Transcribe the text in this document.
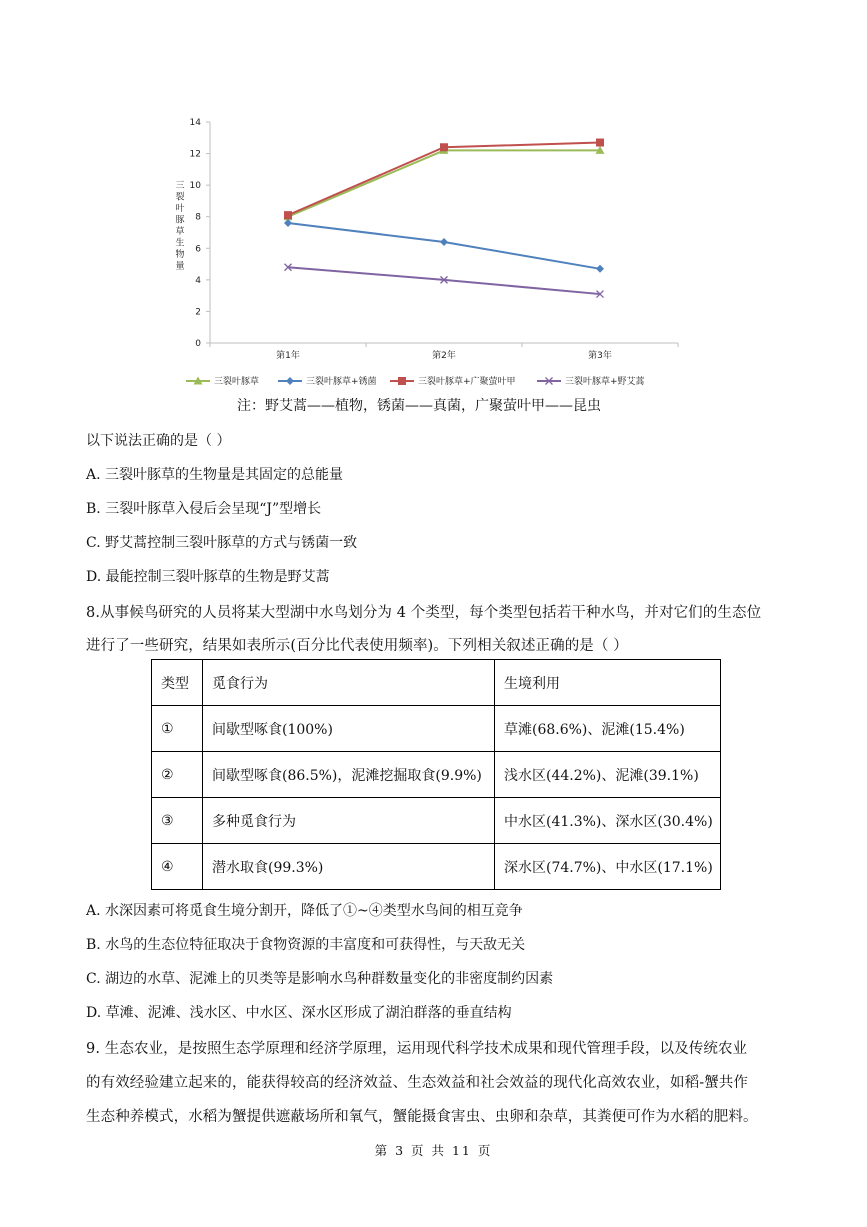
0
2
4
6
8
10
12
14
第1年	第2年	第3年
三
裂
叶
豚
草
生
物
量
三裂叶豚草	三裂叶豚草+锈菌	三裂叶豚草+广聚萤叶甲	三裂叶豚草+野艾蒿
注：野艾蒿——植物，锈菌——真菌，广聚萤叶甲——昆虫
以下说法正确的是（ ）
A. 三裂叶豚草的生物量是其固定的总能量
B. 三裂叶豚草入侵后会呈现“J”型增长
C. 野艾蒿控制三裂叶豚草的方式与锈菌一致
D. 最能控制三裂叶豚草的生物是野艾蒿
8.从事候鸟研究的人员将某大型湖中水鸟划分为 4 个类型，每个类型包括若干种水鸟，并对它们的生态位
进行了一些研究，结果如表所示(百分比代表使用频率)。下列相关叙述正确的是（ ）
类型	觅食行为	生境利用
①	间歇型啄食(100%)	草滩(68.6%)、泥滩(15.4%)
②	间歇型啄食(86.5%)，泥滩挖掘取食(9.9%)	浅水区(44.2%)、泥滩(39.1%)
③	多种觅食行为	中水区(41.3%)、深水区(30.4%)
④	潜水取食(99.3%)	深水区(74.7%)、中水区(17.1%)
A. 水深因素可将觅食生境分割开，降低了①~④类型水鸟间的相互竞争
B. 水鸟的生态位特征取决于食物资源的丰富度和可获得性，与天敌无关
C. 湖边的水草、泥滩上的贝类等是影响水鸟种群数量变化的非密度制约因素
D. 草滩、泥滩、浅水区、中水区、深水区形成了湖泊群落的垂直结构
9. 生态农业，是按照生态学原理和经济学原理，运用现代科学技术成果和现代管理手段，以及传统农业
的有效经验建立起来的，能获得较高的经济效益、生态效益和社会效益的现代化高效农业，如稻-蟹共作
生态种养模式，水稻为蟹提供遮蔽场所和氧气，蟹能摄食害虫、虫卵和杂草，其粪便可作为水稻的肥料。
第 3 页 共 11 页
